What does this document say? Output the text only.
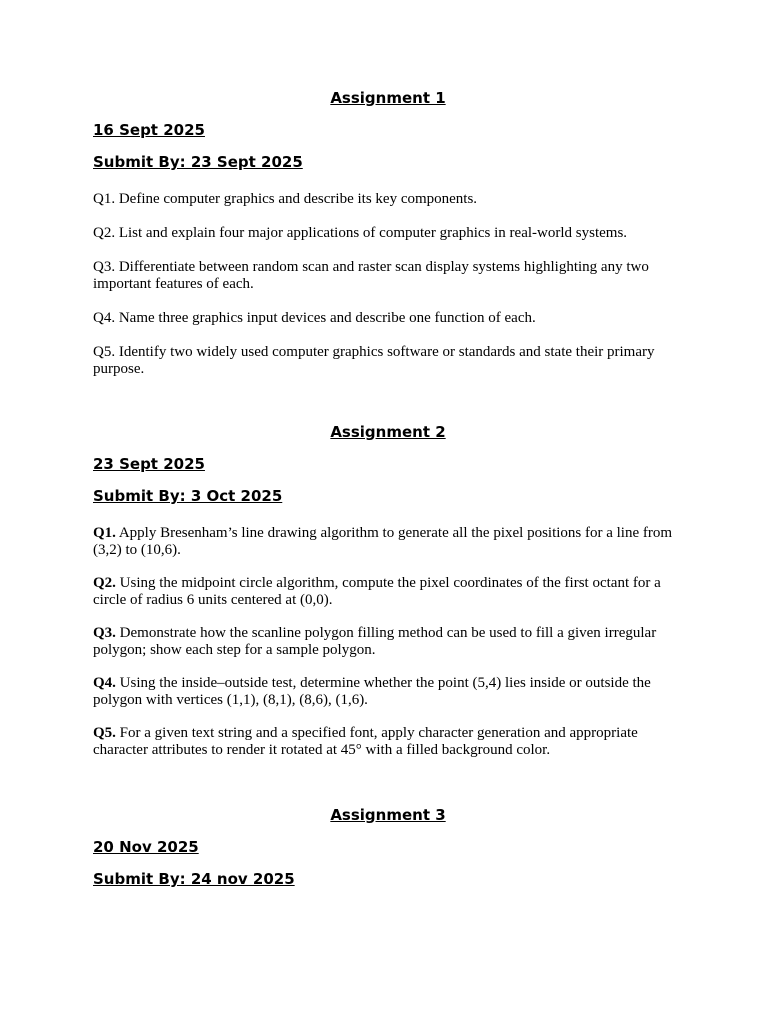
Assignment 1
16 Sept 2025
Submit By: 23 Sept 2025

Q1. Define computer graphics and describe its key components.

Q2. List and explain four major applications of computer graphics in real-world systems.

Q3. Differentiate between random scan and raster scan display systems highlighting any two important features of each.

Q4. Name three graphics input devices and describe one function of each.

Q5. Identify two widely used computer graphics software or standards and state their primary purpose.

Assignment 2
23 Sept 2025
Submit By: 3 Oct 2025

Q1. Apply Bresenham’s line drawing algorithm to generate all the pixel positions for a line from (3,2) to (10,6).

Q2. Using the midpoint circle algorithm, compute the pixel coordinates of the first octant for a circle of radius 6 units centered at (0,0).

Q3. Demonstrate how the scanline polygon filling method can be used to fill a given irregular polygon; show each step for a sample polygon.

Q4. Using the inside–outside test, determine whether the point (5,4) lies inside or outside the polygon with vertices (1,1), (8,1), (8,6), (1,6).

Q5. For a given text string and a specified font, apply character generation and appropriate character attributes to render it rotated at 45° with a filled background color.

Assignment 3
20 Nov 2025
Submit By: 24 nov 2025
